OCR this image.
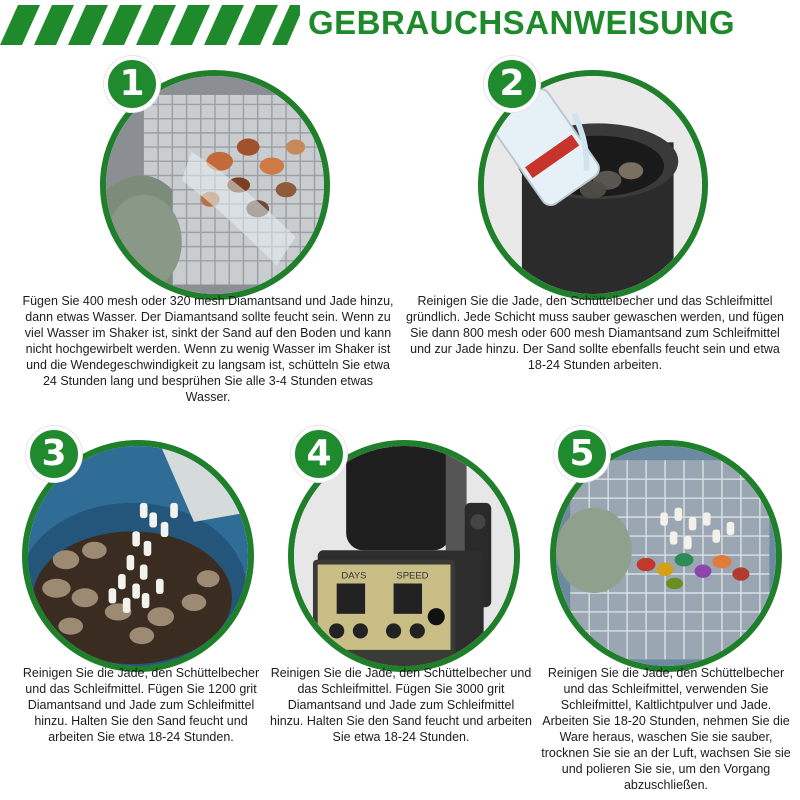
GEBRAUCHSANWEISUNG
1
Fügen Sie 400 mesh oder 320 mesh Diamantsand und Jade hinzu, dann etwas Wasser. Der Diamantsand sollte feucht sein. Wenn zu viel Wasser im Shaker ist, sinkt der Sand auf den Boden und kann nicht hochgewirbelt werden. Wenn zu wenig Wasser im Shaker ist und die Wendegeschwindigkeit zu langsam ist, schütteln Sie etwa 24 Stunden lang und besprühen Sie alle 3-4 Stunden etwas Wasser.
2
Reinigen Sie die Jade, den Schüttelbecher und das Schleifmittel gründlich. Jede Schicht muss sauber gewaschen werden, und fügen Sie dann 800 mesh oder 600 mesh Diamantsand zum Schleifmittel und zur Jade hinzu. Der Sand sollte ebenfalls feucht sein und etwa 18-24 Stunden arbeiten.
3
Reinigen Sie die Jade, den Schüttelbecher und das Schleifmittel. Fügen Sie 1200 grit Diamantsand und Jade zum Schleifmittel hinzu. Halten Sie den Sand feucht und arbeiten Sie etwa 18-24 Stunden.
DAYS	SPEED
4
Reinigen Sie die Jade, den Schüttelbecher und das Schleifmittel. Fügen Sie 3000 grit Diamantsand und Jade zum Schleifmittel hinzu. Halten Sie den Sand feucht und arbeiten Sie etwa 18-24 Stunden.
5
Reinigen Sie die Jade, den Schüttelbecher und das Schleifmittel, verwenden Sie Schleifmittel, Kaltlichtpulver und Jade. Arbeiten Sie 18-20 Stunden, nehmen Sie die Ware heraus, waschen Sie sie sauber, trocknen Sie sie an der Luft, wachsen Sie sie und polieren Sie sie, um den Vorgang abzuschließen.
